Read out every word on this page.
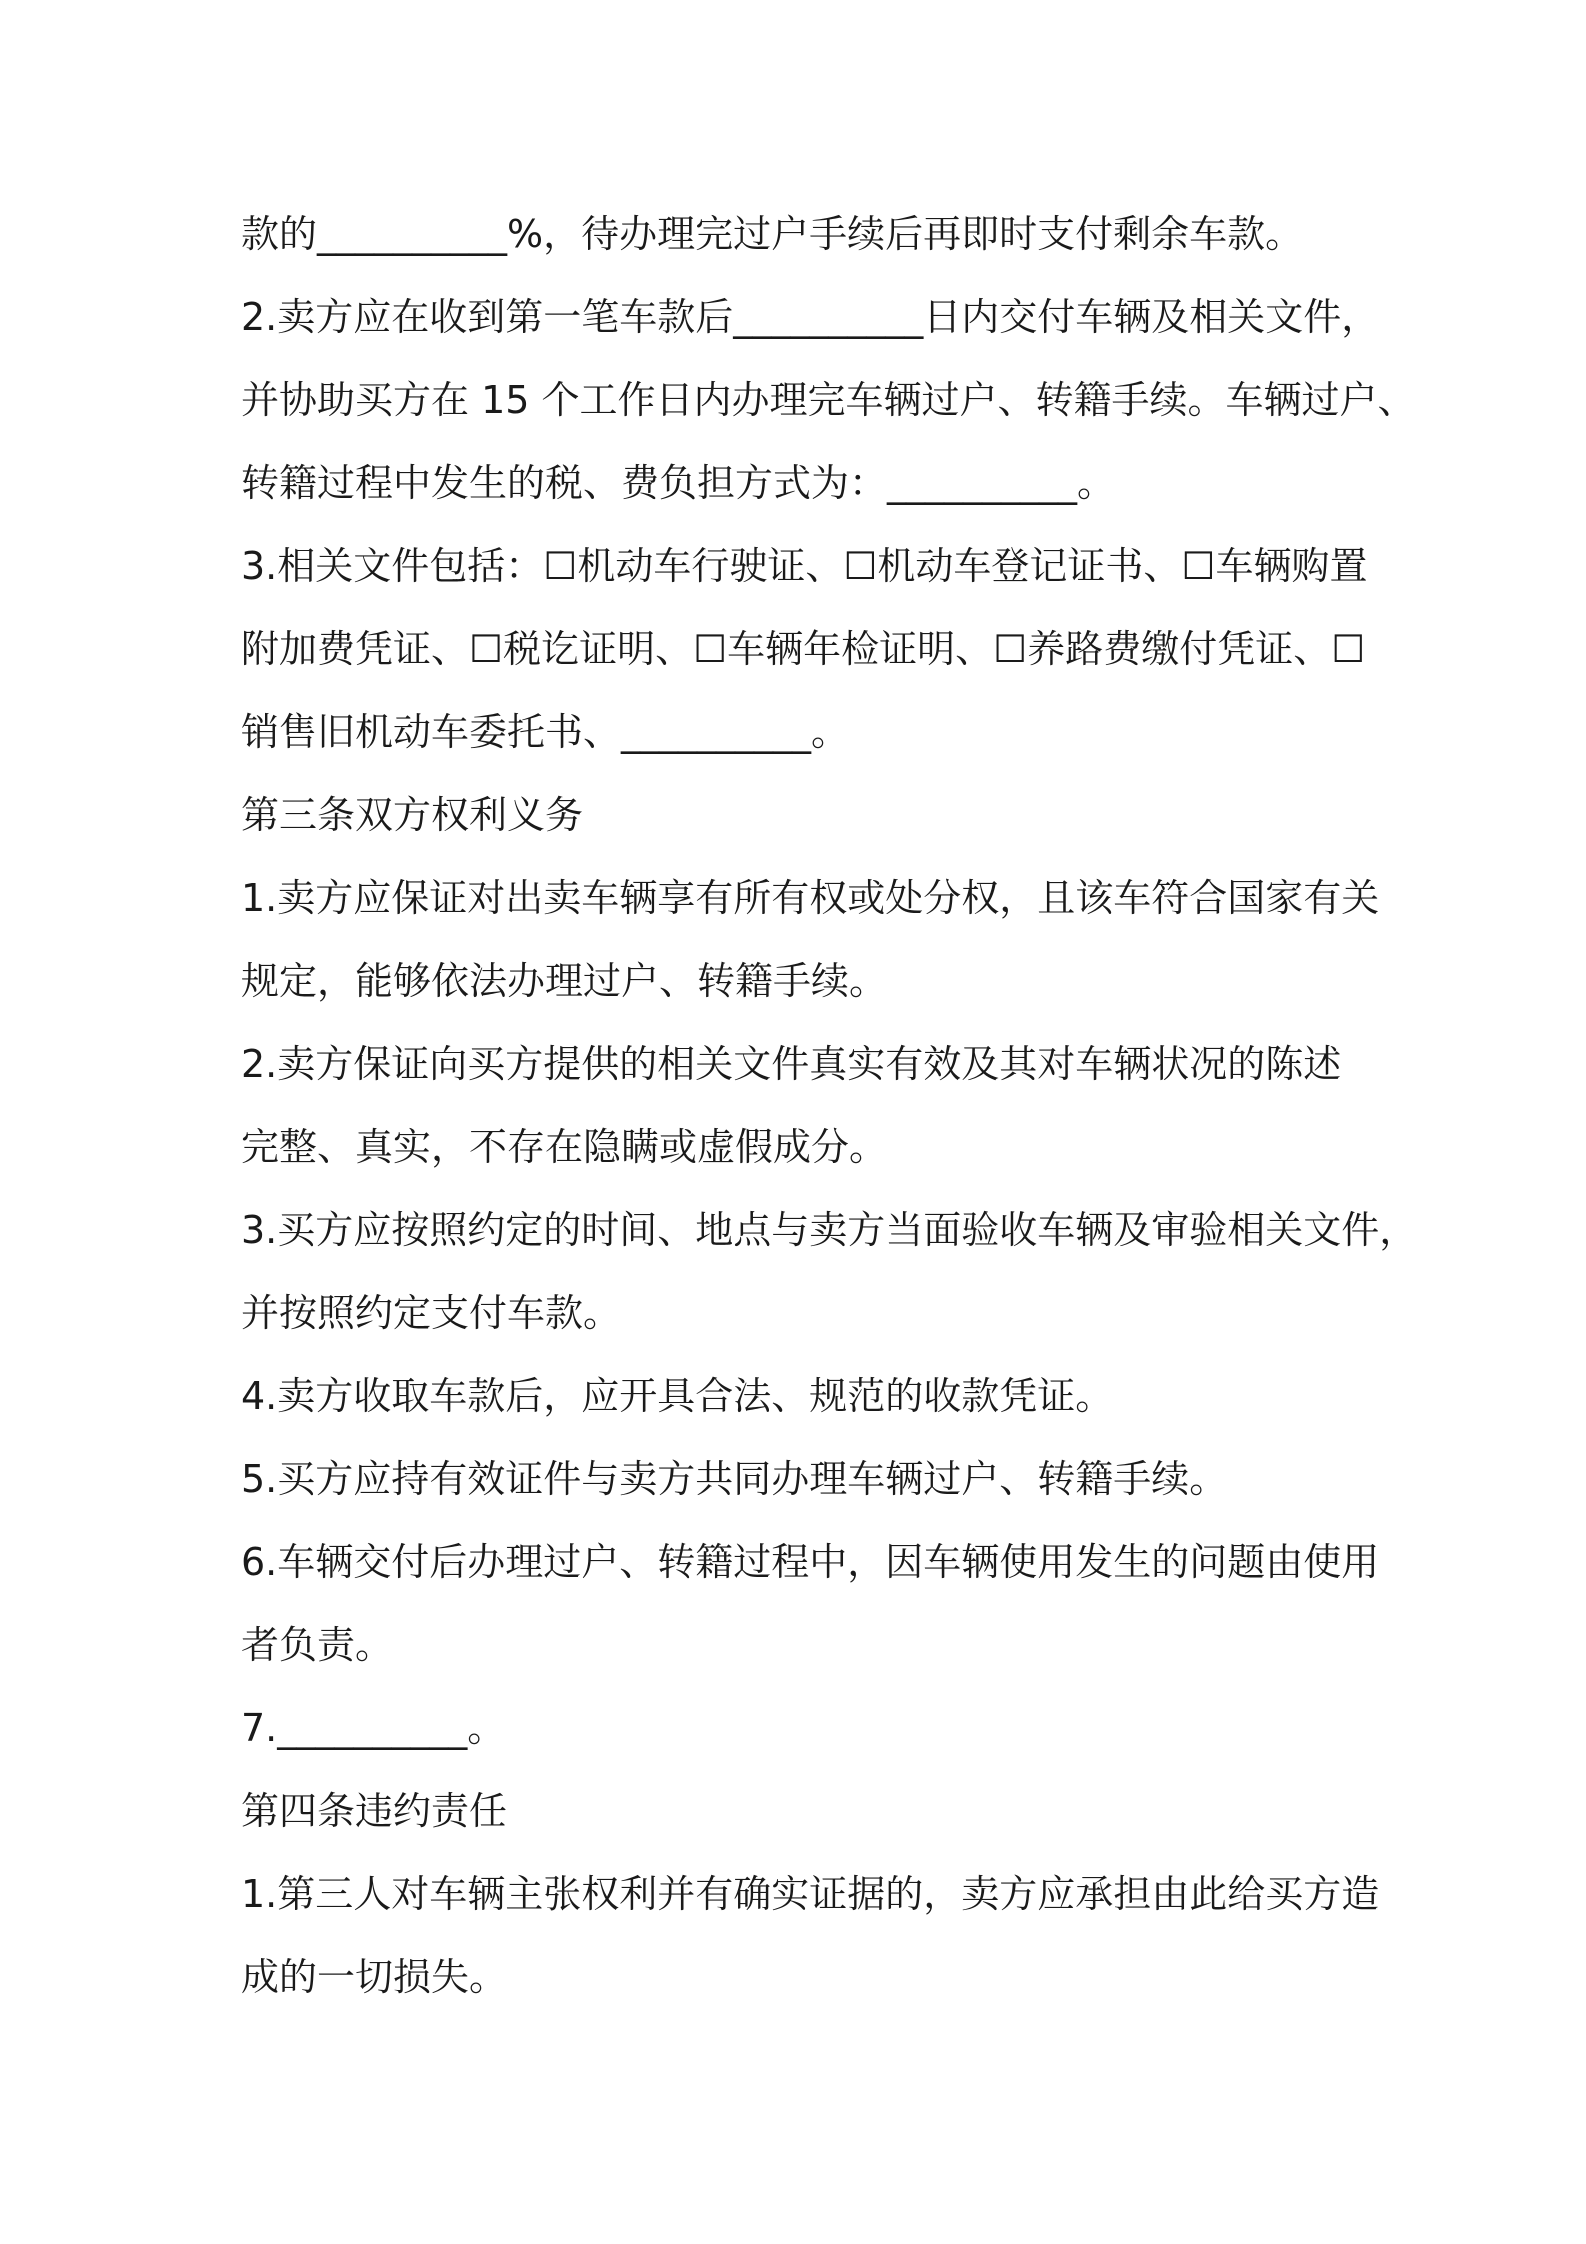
款的__________%，待办理完过户手续后再即时支付剩余车款。
2.卖方应在收到第一笔车款后__________日内交付车辆及相关文件，
并协助买方在 15 个工作日内办理完车辆过户、转籍手续。车辆过户、
转籍过程中发生的税、费负担方式为：__________。
3.相关文件包括：☐机动车行驶证、☐机动车登记证书、☐车辆购置
附加费凭证、☐税讫证明、☐车辆年检证明、☐养路费缴付凭证、☐
销售旧机动车委托书、__________。
第三条双方权利义务
1.卖方应保证对出卖车辆享有所有权或处分权，且该车符合国家有关
规定，能够依法办理过户、转籍手续。
2.卖方保证向买方提供的相关文件真实有效及其对车辆状况的陈述
完整、真实，不存在隐瞒或虚假成分。
3.买方应按照约定的时间、地点与卖方当面验收车辆及审验相关文件，
并按照约定支付车款。
4.卖方收取车款后，应开具合法、规范的收款凭证。
5.买方应持有效证件与卖方共同办理车辆过户、转籍手续。
6.车辆交付后办理过户、转籍过程中，因车辆使用发生的问题由使用
者负责。
7.__________。
第四条违约责任
1.第三人对车辆主张权利并有确实证据的，卖方应承担由此给买方造
成的一切损失。
